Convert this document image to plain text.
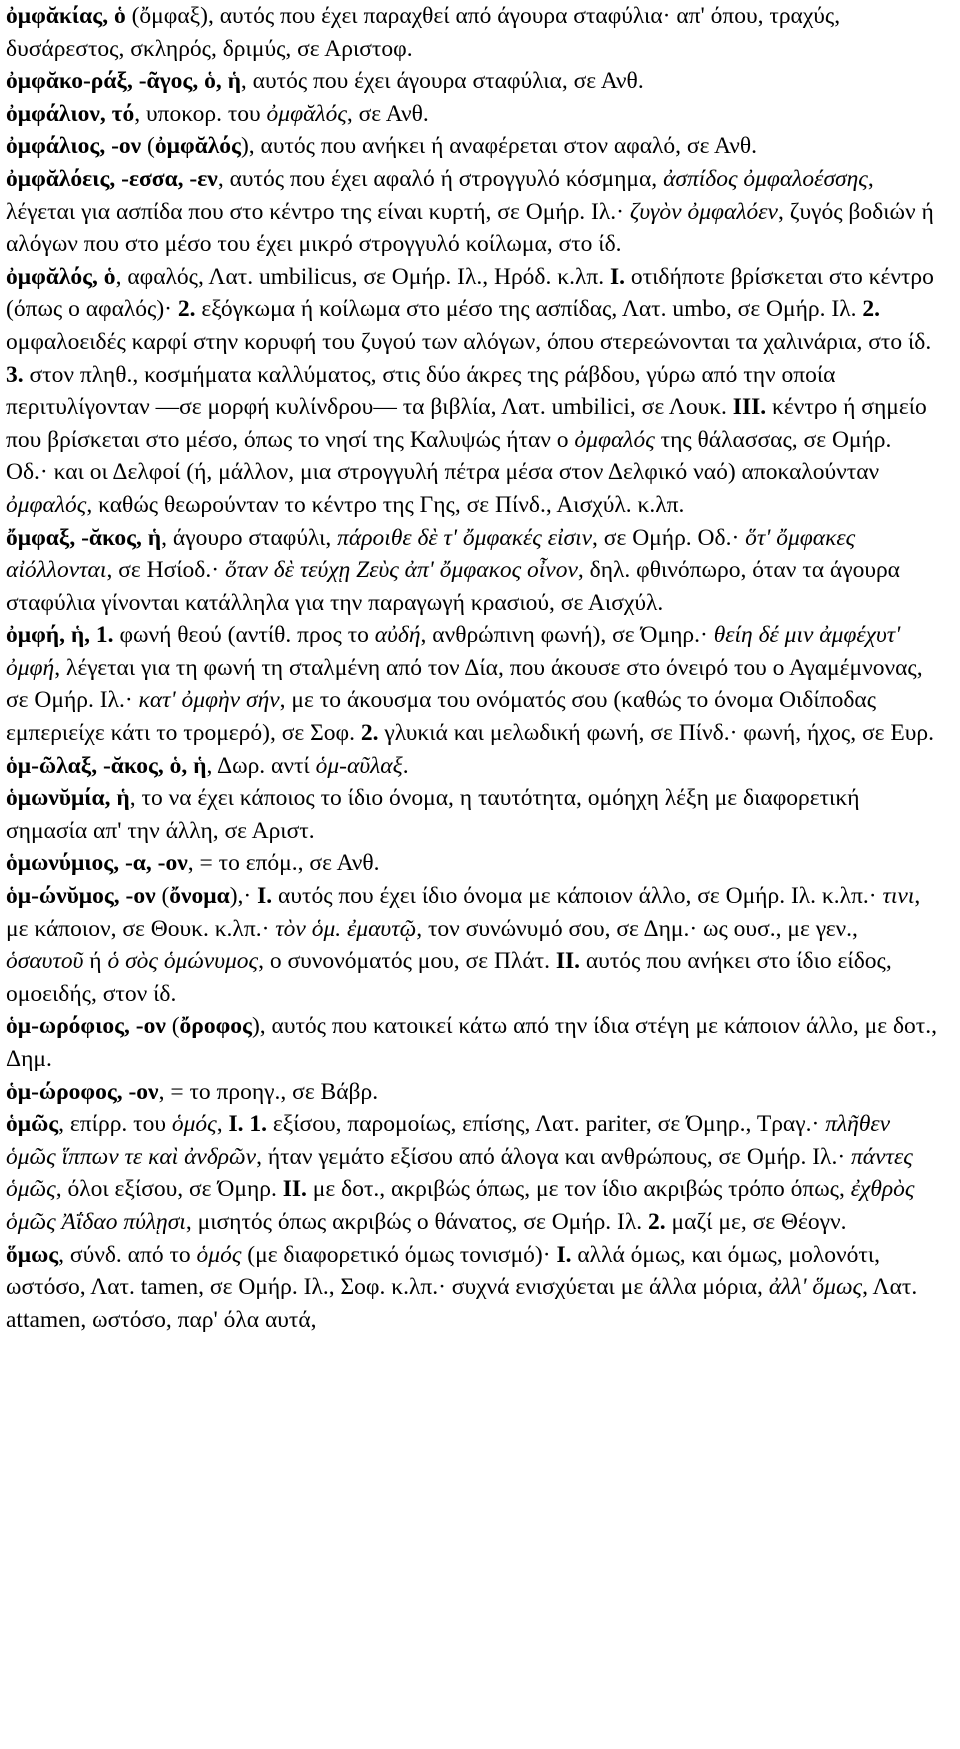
ὀμφᾰκίας, ὁ (ὄμφαξ), αυτός που έχει παραχθεί από άγουρα σταφύλια· απ' όπου, τραχύς, δυσάρεστος, σκληρός, δριμύς, σε Αριστοφ.

ὀμφᾰκο-ράξ, -ᾶγος, ὁ, ἡ, αυτός που έχει άγουρα σταφύλια, σε Ανθ.

ὀμφάλιον, τό, υποκορ. του ὀμφᾰλός, σε Ανθ.

ὀμφάλιος, -ον (ὀμφᾰλός), αυτός που ανήκει ή αναφέρεται στον αφαλό, σε Ανθ.

ὀμφᾰλόεις, -εσσα, -εν, αυτός που έχει αφαλό ή στρογγυλό κόσμημα, ἀσπίδος ὀμφαλοέσσης, λέγεται για ασπίδα που στο κέντρο της είναι κυρτή, σε Ομήρ. Ιλ.· ζυγὸν ὀμφαλόεν, ζυγός βοδιών ή αλόγων που στο μέσο του έχει μικρό στρογγυλό κοίλωμα, στο ίδ.

ὀμφᾰλός, ὁ, αφαλός, Λατ. umbilicus, σε Ομήρ. Ιλ., Ηρόδ. κ.λπ. I. οτιδήποτε βρίσκεται στο κέντρο (όπως ο αφαλός)· 2. εξόγκωμα ή κοίλωμα στο μέσο της ασπίδας, Λατ. umbo, σε Ομήρ. Ιλ. 2. ομφαλοειδές καρφί στην κορυφή του ζυγού των αλόγων, όπου στερεώνονται τα χαλινάρια, στο ίδ. 3. στον πληθ., κοσμήματα καλλύματος, στις δύο άκρες της ράβδου, γύρω από την οποία περιτυλίγονταν —σε μορφή κυλίνδρου— τα βιβλία, Λατ. umbilici, σε Λουκ. III. κέντρο ή σημείο που βρίσκεται στο μέσο, όπως το νησί της Καλυψώς ήταν ο ὀμφαλός της θάλασσας, σε Ομήρ. Οδ.· και οι Δελφοί (ή, μάλλον, μια στρογγυλή πέτρα μέσα στον Δελφικό ναό) αποκαλούνταν ὀμφαλός, καθώς θεωρούνταν το κέντρο της Γης, σε Πίνδ., Αισχύλ. κ.λπ.

ὄμφαξ, -ᾰκος, ἡ, άγουρο σταφύλι, πάροιθε δὲ τ' ὄμφακές εἰσιν, σε Ομήρ. Οδ.· ὅτ' ὄμφακες αἰόλλονται, σε Ησίοδ.· ὅταν δὲ τεύχῃ Ζεὺς ἀπ' ὄμφακος οἶνον, δηλ. φθινόπωρο, όταν τα άγουρα σταφύλια γίνονται κατάλληλα για την παραγωγή κρασιού, σε Αισχύλ.

ὀμφή, ἡ, 1. φωνή θεού (αντίθ. προς το αὐδή, ανθρώπινη φωνή), σε Όμηρ.· θείη δέ μιν ἀμφέχυτ' ὀμφή, λέγεται για τη φωνή τη σταλμένη από τον Δία, που άκουσε στο όνειρό του ο Αγαμέμνονας, σε Ομήρ. Ιλ.· κατ' ὀμφὴν σήν, με το άκουσμα του ονόματός σου (καθώς το όνομα Οιδίποδας εμπεριείχε κάτι το τρομερό), σε Σοφ. 2. γλυκιά και μελωδική φωνή, σε Πίνδ.· φωνή, ήχος, σε Ευρ.

ὁμ-ῶλαξ, -ᾰκος, ὁ, ἡ, Δωρ. αντί ὁμ-αῦλαξ.

ὁμωνῠμία, ἡ, το να έχει κάποιος το ίδιο όνομα, η ταυτότητα, ομόηχη λέξη με διαφορετική σημασία απ' την άλλη, σε Αριστ.

ὁμωνύμιος, -α, -ον, = το επόμ., σε Ανθ.

ὁμ-ώνῠμος, -ον (ὄνομα),· I. αυτός που έχει ίδιο όνομα με κάποιον άλλο, σε Ομήρ. Ιλ. κ.λπ.· τινι, με κάποιον, σε Θουκ. κ.λπ.· τὸν ὁμ. ἐμαυτῷ, τον συνώνυμό σου, σε Δημ.· ως ουσ., με γεν., ὁσαυτοῦ ή ὁ σὸς ὁμώνυμος, ο συνονόματός μου, σε Πλάτ. II. αυτός που ανήκει στο ίδιο είδος, ομοειδής, στον ίδ.

ὁμ-ωρόφιος, -ον (ὄροφος), αυτός που κατοικεί κάτω από την ίδια στέγη με κάποιον άλλο, με δοτ., Δημ.

ὁμ-ώροφος, -ον, = το προηγ., σε Βάβρ.

ὁμῶς, επίρρ. του ὁμός, I. 1. εξίσου, παρομοίως, επίσης, Λατ. pariter, σε Όμηρ., Τραγ.· πλῆθεν ὁμῶς ἵππων τε καὶ ἀνδρῶν, ήταν γεμάτο εξίσου από άλογα και ανθρώπους, σε Ομήρ. Ιλ.· πάντες ὁμῶς, όλοι εξίσου, σε Όμηρ. II. με δοτ., ακριβώς όπως, με τον ίδιο ακριβώς τρόπο όπως, ἐχθρὸς ὁμῶς Ἀΐδαο πύλῃσι, μισητός όπως ακριβώς ο θάνατος, σε Ομήρ. Ιλ. 2. μαζί με, σε Θέογν.

ὅμως, σύνδ. από το ὁμός (με διαφορετικό όμως τονισμό)· I. αλλά όμως, και όμως, μολονότι, ωστόσο, Λατ. tamen, σε Ομήρ. Ιλ., Σοφ. κ.λπ.· συχνά ενισχύεται με άλλα μόρια, ἀλλ' ὅμως, Λατ. attamen, ωστόσο, παρ' όλα αυτά,
